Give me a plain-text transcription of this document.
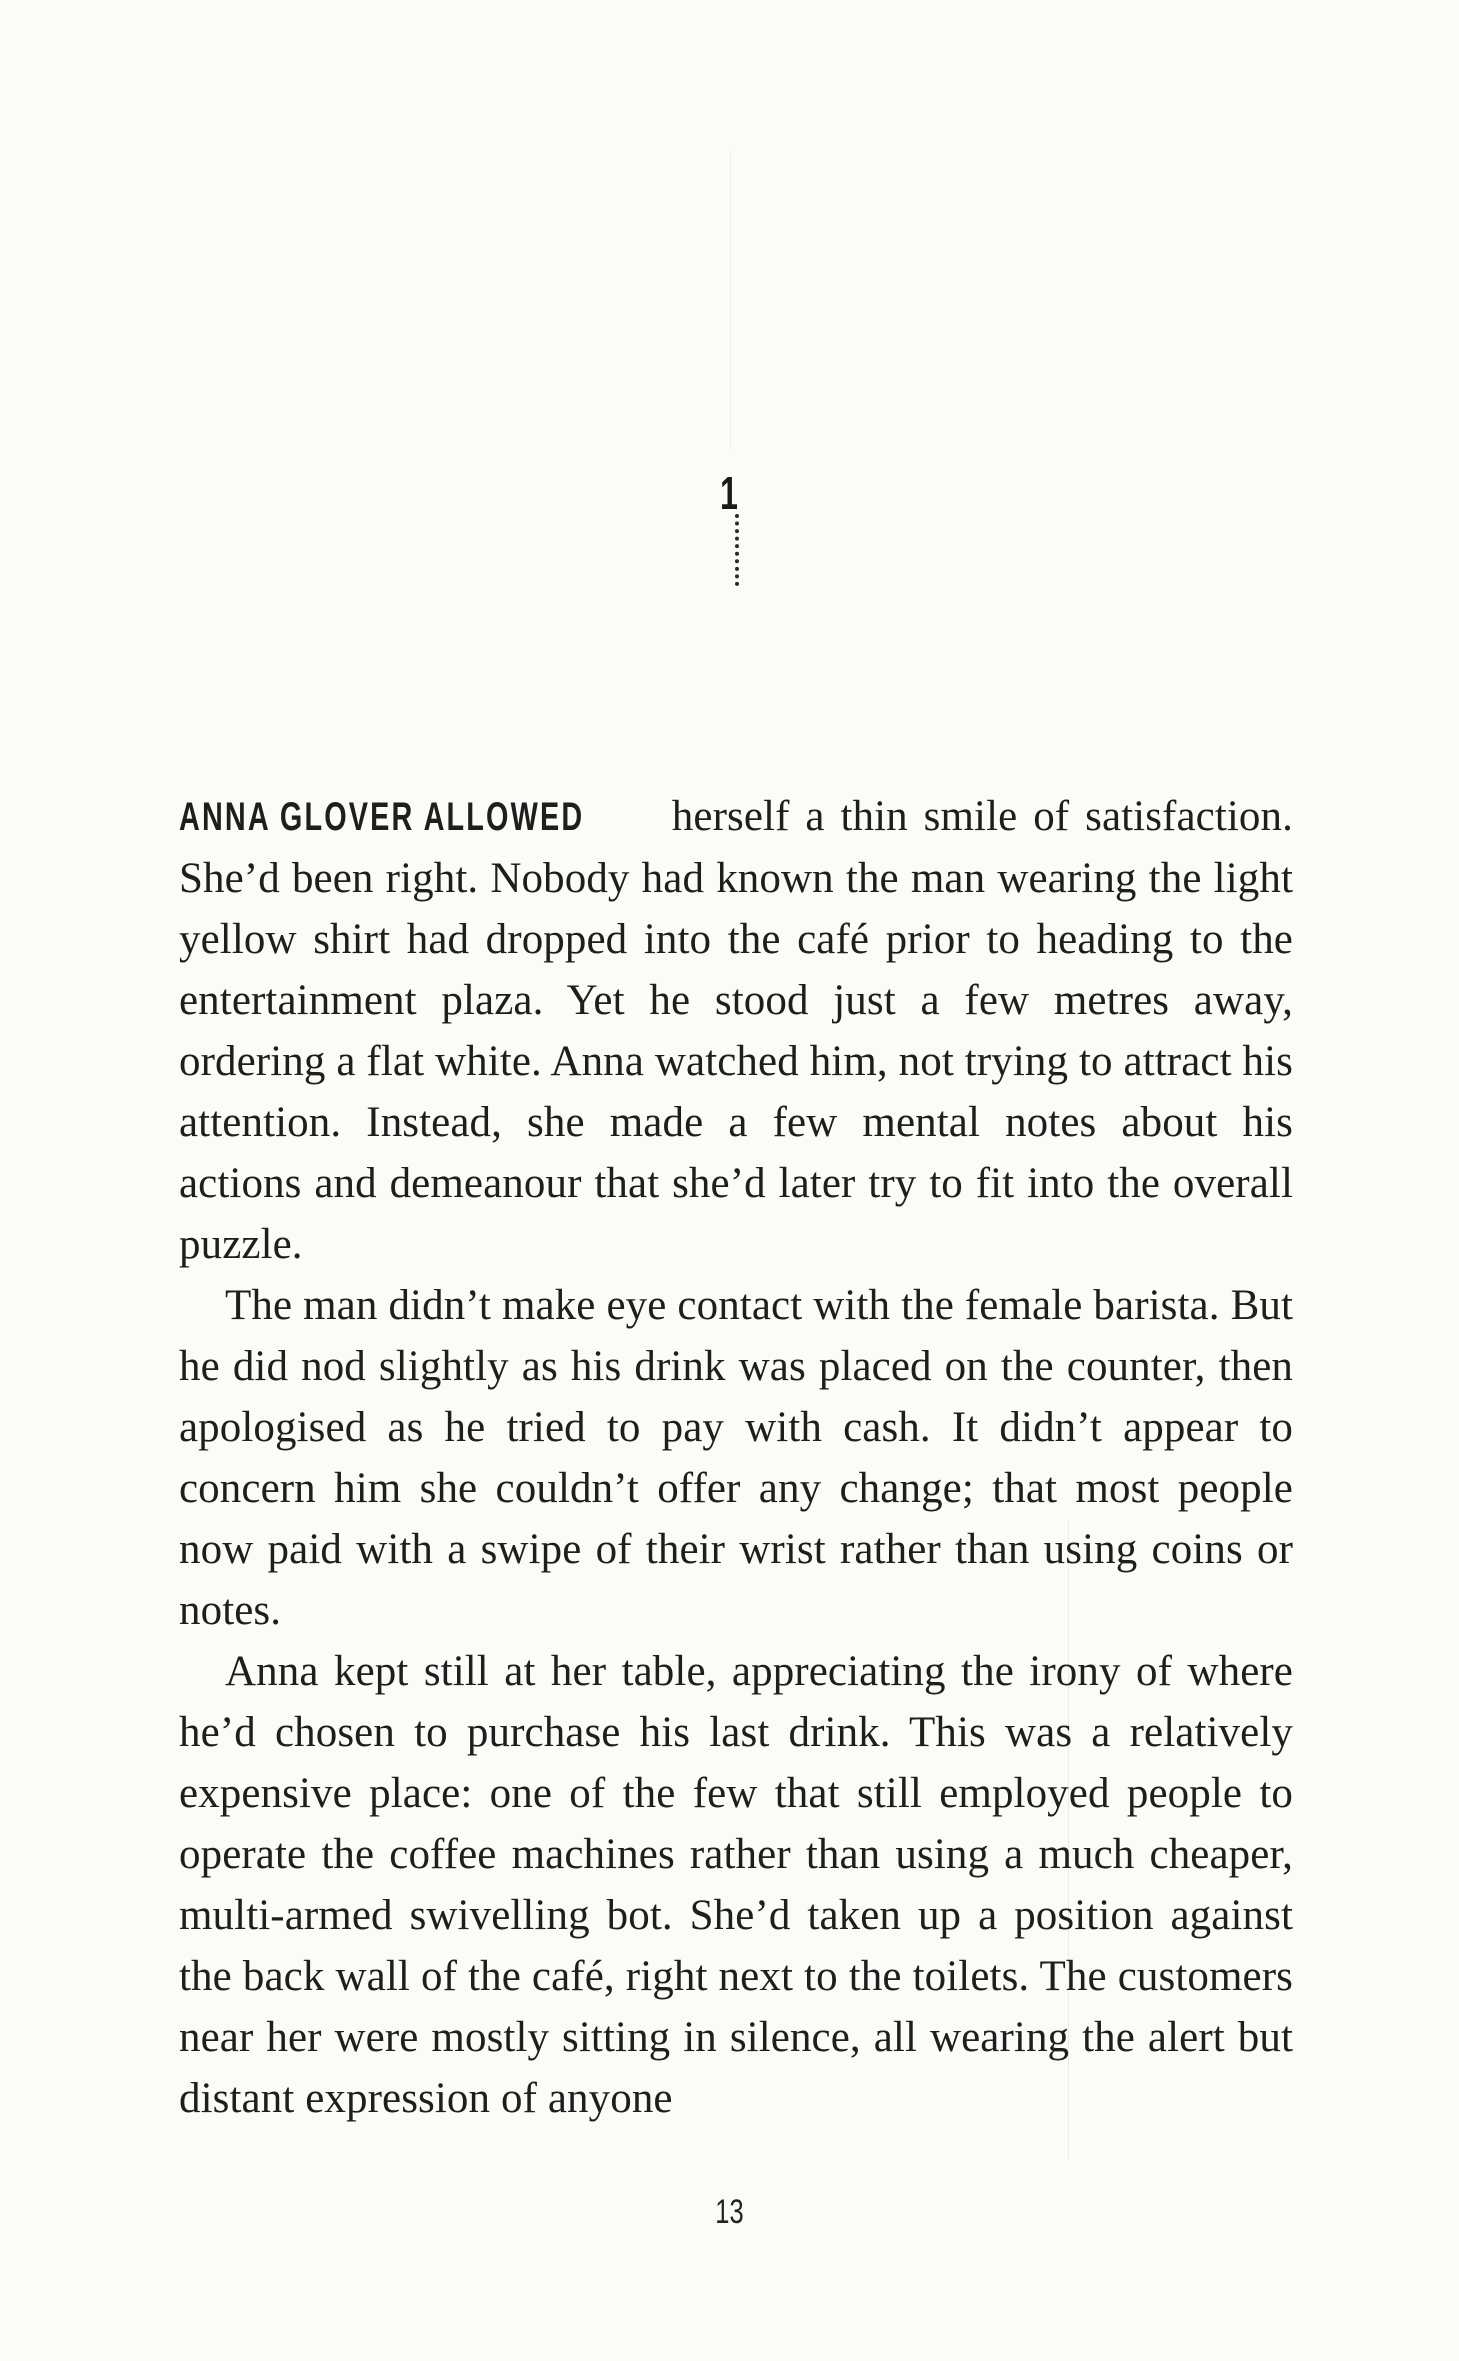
1

ANNA GLOVER ALLOWED herself a thin smile of satisfaction. She’d been right. Nobody had known the man wearing the light yellow shirt had dropped into the café prior to heading to the entertainment plaza. Yet he stood just a few metres away, ordering a flat white. Anna watched him, not trying to attract his attention. Instead, she made a few mental notes about his actions and demeanour that she’d later try to fit into the overall puzzle.

The man didn’t make eye contact with the female barista. But he did nod slightly as his drink was placed on the counter, then apologised as he tried to pay with cash. It didn’t appear to concern him she couldn’t offer any change; that most people now paid with a swipe of their wrist rather than using coins or notes.

Anna kept still at her table, appreciating the irony of where he’d chosen to purchase his last drink. This was a relatively expensive place: one of the few that still employed people to operate the coffee machines rather than using a much cheaper, multi-armed swivelling bot. She’d taken up a position against the back wall of the café, right next to the toilets. The customers near her were mostly sitting in silence, all wearing the alert but distant expression of anyone

13
